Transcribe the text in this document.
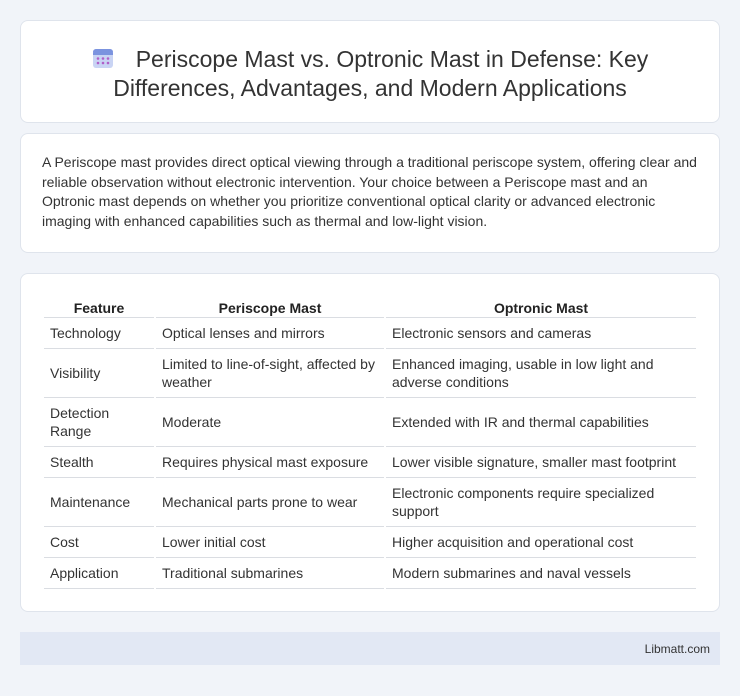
Periscope Mast vs. Optronic Mast in Defense: Key Differences, Advantages, and Modern Applications

A Periscope mast provides direct optical viewing through a traditional periscope system, offering clear and reliable observation without electronic intervention. Your choice between a Periscope mast and an Optronic mast depends on whether you prioritize conventional optical clarity or advanced electronic imaging with enhanced capabilities such as thermal and low-light vision.

Feature	Periscope Mast	Optronic Mast
Technology	Optical lenses and mirrors	Electronic sensors and cameras
Visibility	Limited to line-of-sight, affected by weather	Enhanced imaging, usable in low light and adverse conditions
Detection Range	Moderate	Extended with IR and thermal capabilities
Stealth	Requires physical mast exposure	Lower visible signature, smaller mast footprint
Maintenance	Mechanical parts prone to wear	Electronic components require specialized support
Cost	Lower initial cost	Higher acquisition and operational cost
Application	Traditional submarines	Modern submarines and naval vessels
Libmatt.com
